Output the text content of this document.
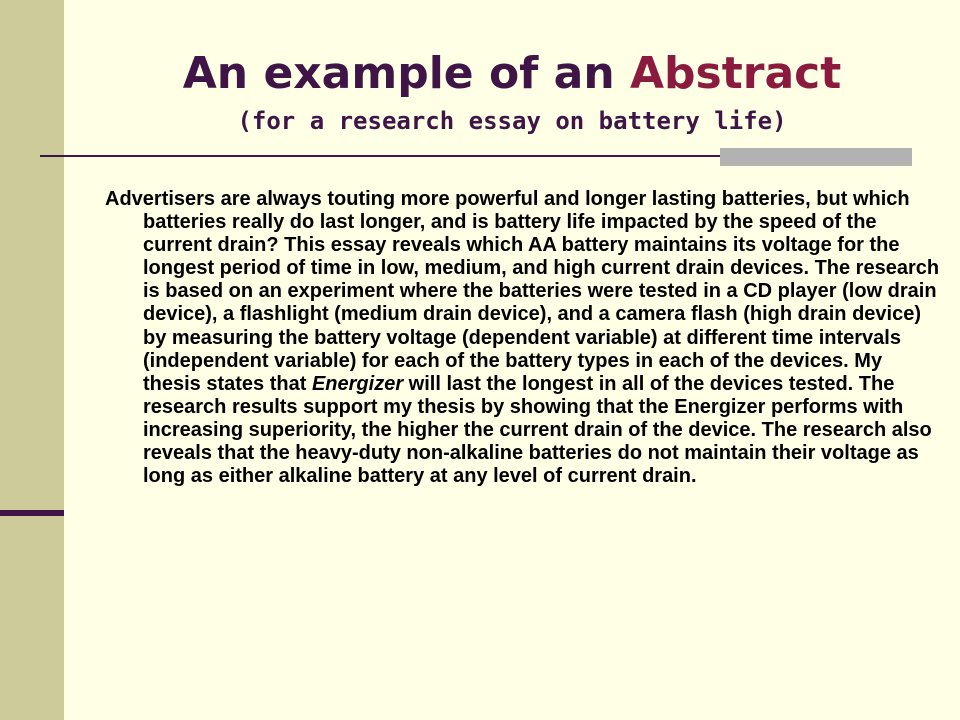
An example of an Abstract
(for a research essay on battery life)

Advertisers are always touting more powerful and longer lasting batteries, but which batteries really do last longer, and is battery life impacted by the speed of the current drain? This essay reveals which AA battery maintains its voltage for the longest period of time in low, medium, and high current drain devices. The research is based on an experiment where the batteries were tested in a CD player (low drain device), a flashlight (medium drain device), and a camera flash (high drain device) by measuring the battery voltage (dependent variable) at different time intervals (independent variable) for each of the battery types in each of the devices. My thesis states that Energizer will last the longest in all of the devices tested. The research results support my thesis by showing that the Energizer performs with increasing superiority, the higher the current drain of the device. The research also reveals that the heavy-duty non-alkaline batteries do not maintain their voltage as long as either alkaline battery at any level of current drain.
